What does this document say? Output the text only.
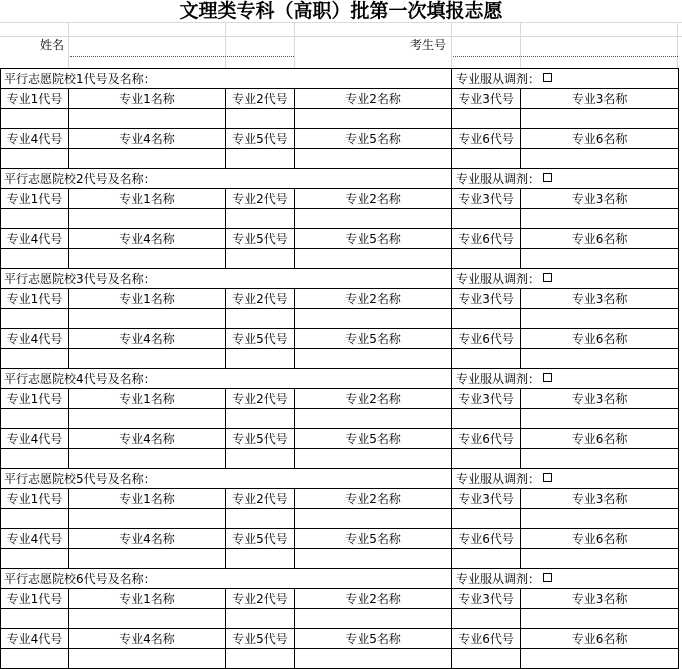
文理类专科（高职）批第一次填报志愿
姓名	考生号
平行志愿院校1代号及名称：				专业服从调剂：	
专业1代号	专业1名称	专业2代号	专业2名称	专业3代号	专业3名称

专业4代号	专业4名称	专业5代号	专业5名称	专业6代号	专业6名称

平行志愿院校2代号及名称：				专业服从调剂：	
专业1代号	专业1名称	专业2代号	专业2名称	专业3代号	专业3名称

专业4代号	专业4名称	专业5代号	专业5名称	专业6代号	专业6名称

平行志愿院校3代号及名称：				专业服从调剂：	
专业1代号	专业1名称	专业2代号	专业2名称	专业3代号	专业3名称

专业4代号	专业4名称	专业5代号	专业5名称	专业6代号	专业6名称

平行志愿院校4代号及名称：				专业服从调剂：	
专业1代号	专业1名称	专业2代号	专业2名称	专业3代号	专业3名称

专业4代号	专业4名称	专业5代号	专业5名称	专业6代号	专业6名称

平行志愿院校5代号及名称：				专业服从调剂：	
专业1代号	专业1名称	专业2代号	专业2名称	专业3代号	专业3名称

专业4代号	专业4名称	专业5代号	专业5名称	专业6代号	专业6名称

平行志愿院校6代号及名称：				专业服从调剂：	
专业1代号	专业1名称	专业2代号	专业2名称	专业3代号	专业3名称

专业4代号	专业4名称	专业5代号	专业5名称	专业6代号	专业6名称
